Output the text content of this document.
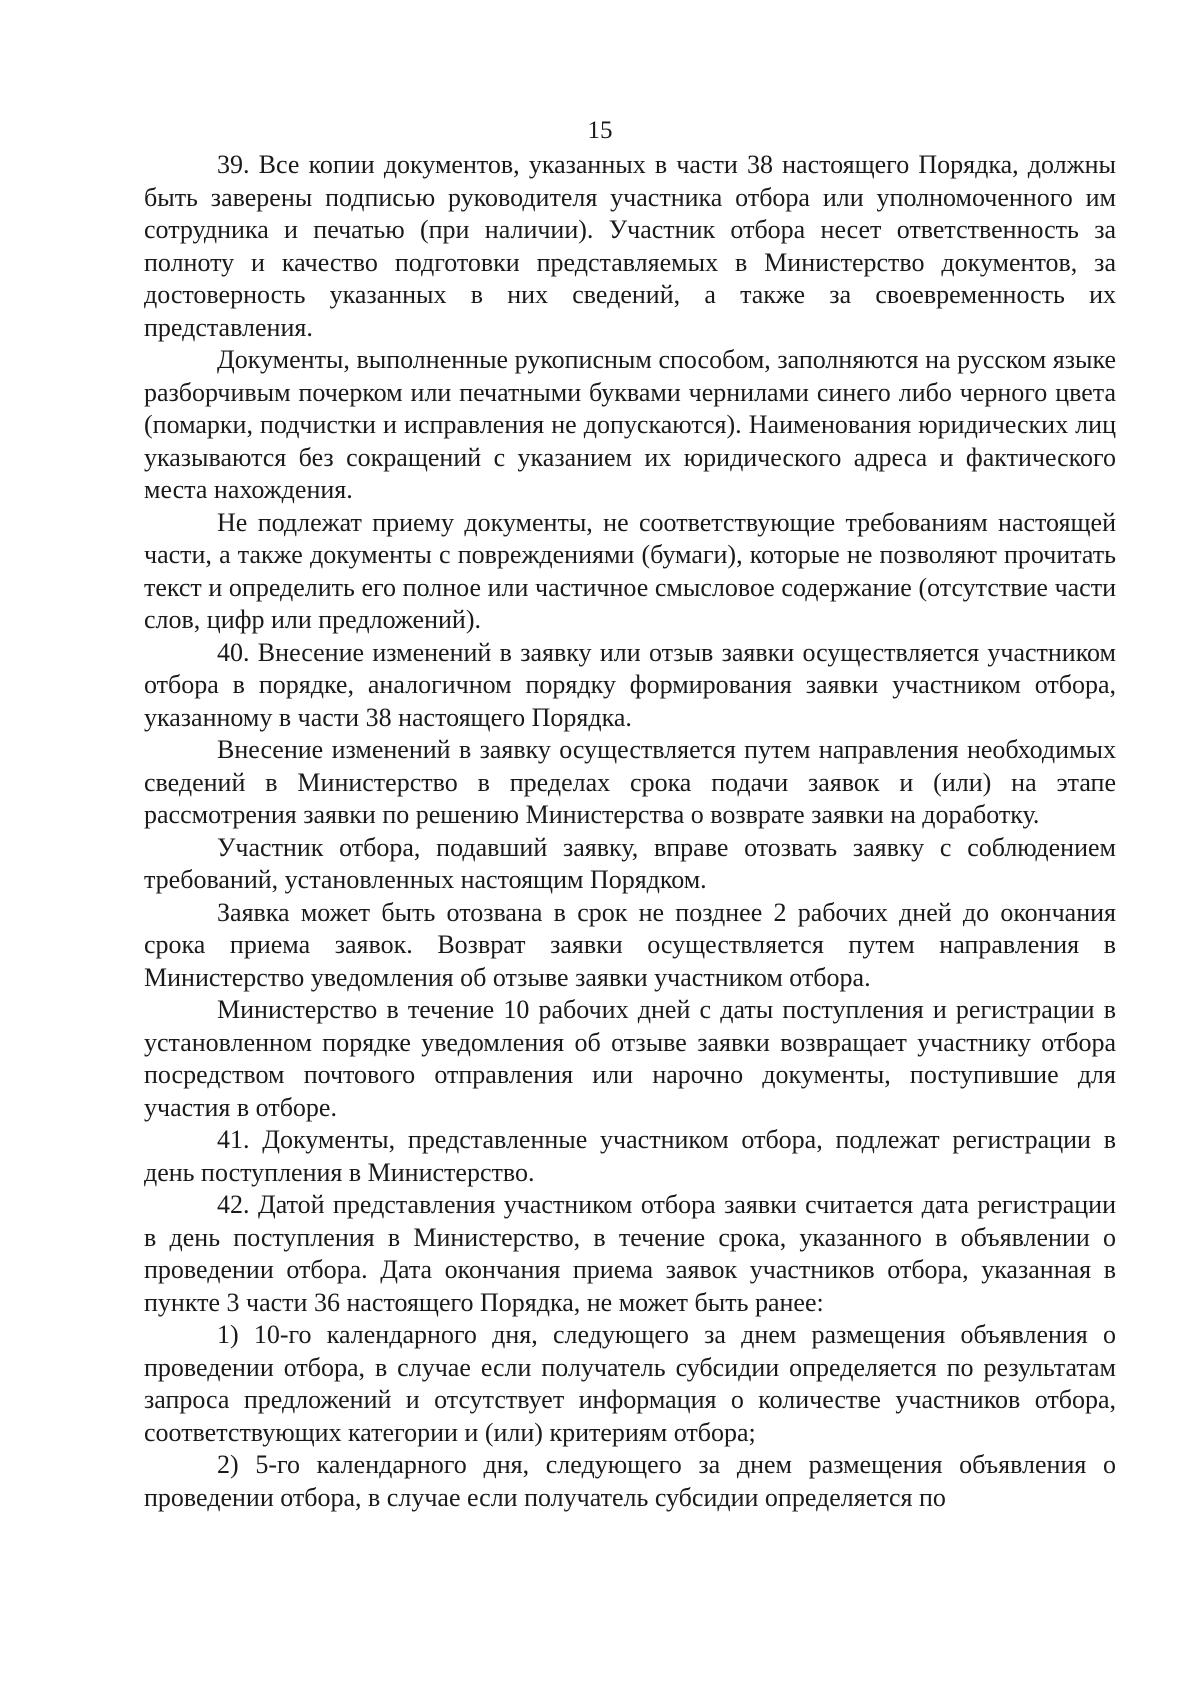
15

39. Все копии документов, указанных в части 38 настоящего Порядка, должны быть заверены подписью руководителя участника отбора или уполномоченного им сотрудника и печатью (при наличии). Участник отбора несет ответственность за полноту и качество подготовки представляемых в Министерство документов, за достоверность указанных в них сведений, а также за своевременность их представления.

Документы, выполненные рукописным способом, заполняются на русском языке разборчивым почерком или печатными буквами чернилами синего либо черного цвета (помарки, подчистки и исправления не допускаются). Наименования юридических лиц указываются без сокращений с указанием их юридического адреса и фактического места нахождения.

Не подлежат приему документы, не соответствующие требованиям настоящей части, а также документы с повреждениями (бумаги), которые не позволяют прочитать текст и определить его полное или частичное смысловое содержание (отсутствие части слов, цифр или предложений).

40. Внесение изменений в заявку или отзыв заявки осуществляется участником отбора в порядке, аналогичном порядку формирования заявки участником отбора, указанному в части 38 настоящего Порядка.

Внесение изменений в заявку осуществляется путем направления необходимых сведений в Министерство в пределах срока подачи заявок и (или) на этапе рассмотрения заявки по решению Министерства о возврате заявки на доработку.

Участник отбора, подавший заявку, вправе отозвать заявку с соблюдением требований, установленных настоящим Порядком.

Заявка может быть отозвана в срок не позднее 2 рабочих дней до окончания срока приема заявок. Возврат заявки осуществляется путем направления в Министерство уведомления об отзыве заявки участником отбора.

Министерство в течение 10 рабочих дней с даты поступления и регистрации в установленном порядке уведомления об отзыве заявки возвращает участнику отбора посредством почтового отправления или нарочно документы, поступившие для участия в отборе.

41. Документы, представленные участником отбора, подлежат регистрации в день поступления в Министерство.

42. Датой представления участником отбора заявки считается дата регистрации в день поступления в Министерство, в течение срока, указанного в объявлении о проведении отбора. Дата окончания приема заявок участников отбора, указанная в пункте 3 части 36 настоящего Порядка, не может быть ранее:

1) 10-го календарного дня, следующего за днем размещения объявления о проведении отбора, в случае если получатель субсидии определяется по результатам запроса предложений и отсутствует информация о количестве участников отбора, соответствующих категории и (или) критериям отбора;

2) 5-го календарного дня, следующего за днем размещения объявления о проведении отбора, в случае если получатель субсидии определяется по
